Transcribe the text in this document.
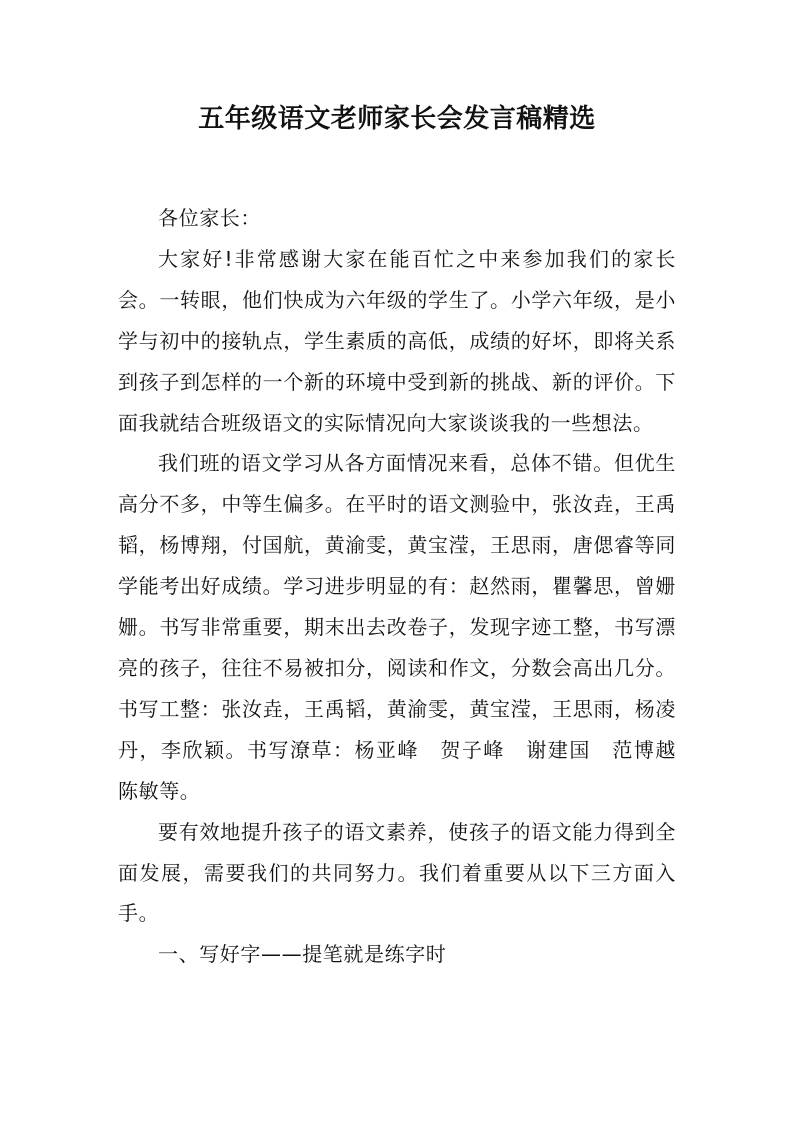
五年级语文老师家长会发言稿精选

各位家长：

大家好!非常感谢大家在能百忙之中来参加我们的家长会。一转眼，他们快成为六年级的学生了。小学六年级，是小学与初中的接轨点，学生素质的高低，成绩的好坏，即将关系到孩子到怎样的一个新的环境中受到新的挑战、新的评价。下面我就结合班级语文的实际情况向大家谈谈我的一些想法。

我们班的语文学习从各方面情况来看，总体不错。但优生高分不多，中等生偏多。在平时的语文测验中，张汝垚，王禹韬，杨博翔，付国航，黄渝雯，黄宝滢，王思雨，唐偲睿等同学能考出好成绩。学习进步明显的有：赵然雨，瞿馨思，曾姗姗。书写非常重要，期末出去改卷子，发现字迹工整，书写漂亮的孩子，往往不易被扣分，阅读和作文，分数会高出几分。书写工整：张汝垚，王禹韬，黄渝雯，黄宝滢，王思雨，杨凌丹，李欣颖。书写潦草：杨亚峰　贺子峰　谢建国　范博越　陈敏等。

要有效地提升孩子的语文素养，使孩子的语文能力得到全面发展，需要我们的共同努力。我们着重要从以下三方面入手。

一、写好字——提笔就是练字时
